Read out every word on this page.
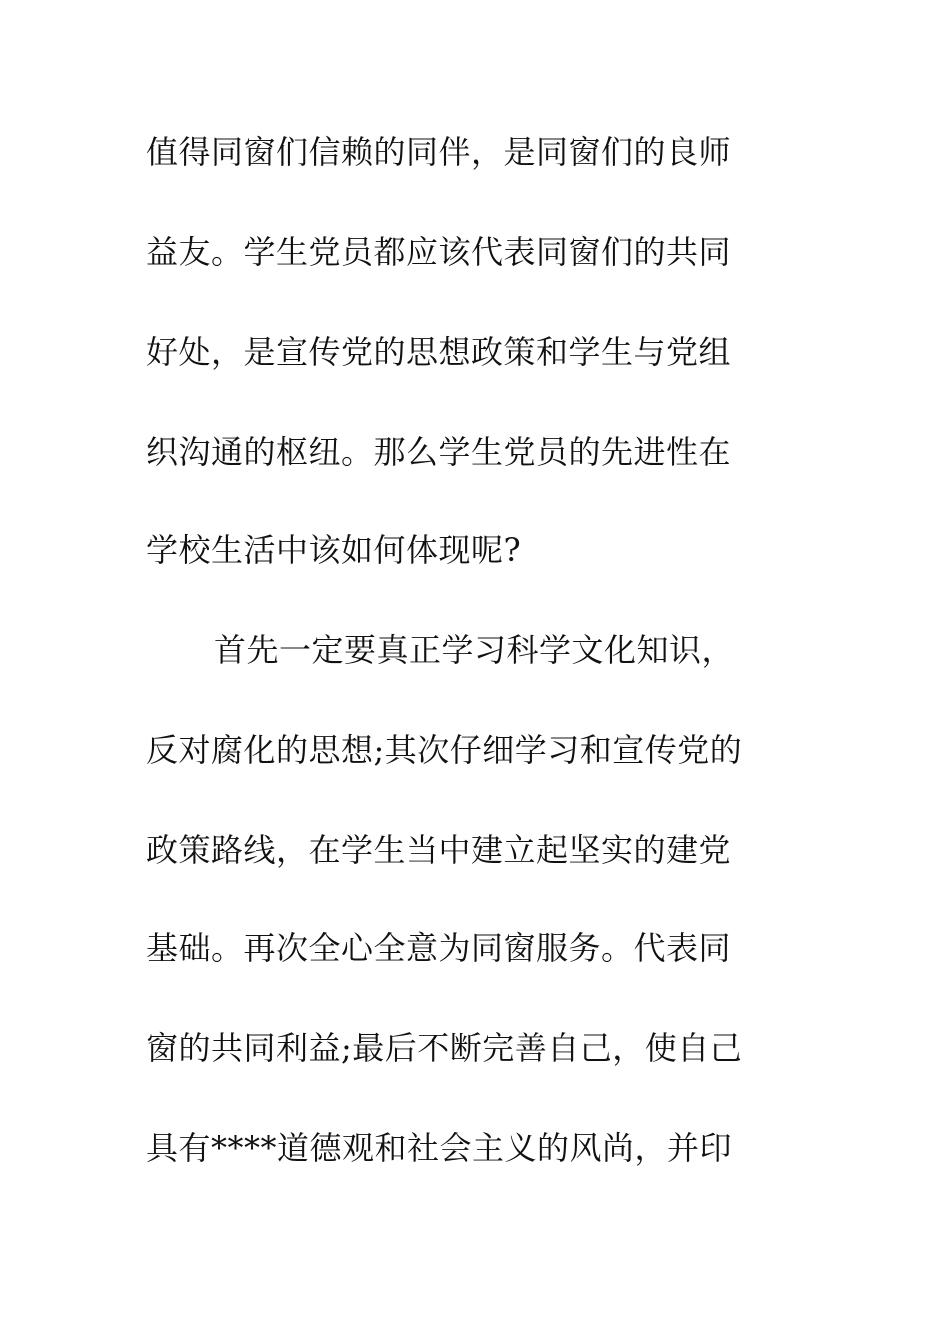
值得同窗们信赖的同伴，是同窗们的良师
益友。学生党员都应该代表同窗们的共同
好处，是宣传党的思想政策和学生与党组
织沟通的枢纽。那么学生党员的先进性在
学校生活中该如何体现呢?
首先一定要真正学习科学文化知识，
反对腐化的思想;其次仔细学习和宣传党的
政策路线，在学生当中建立起坚实的建党
基础。再次全心全意为同窗服务。代表同
窗的共同利益;最后不断完善自己，使自己
具有****道德观和社会主义的风尚，并印
